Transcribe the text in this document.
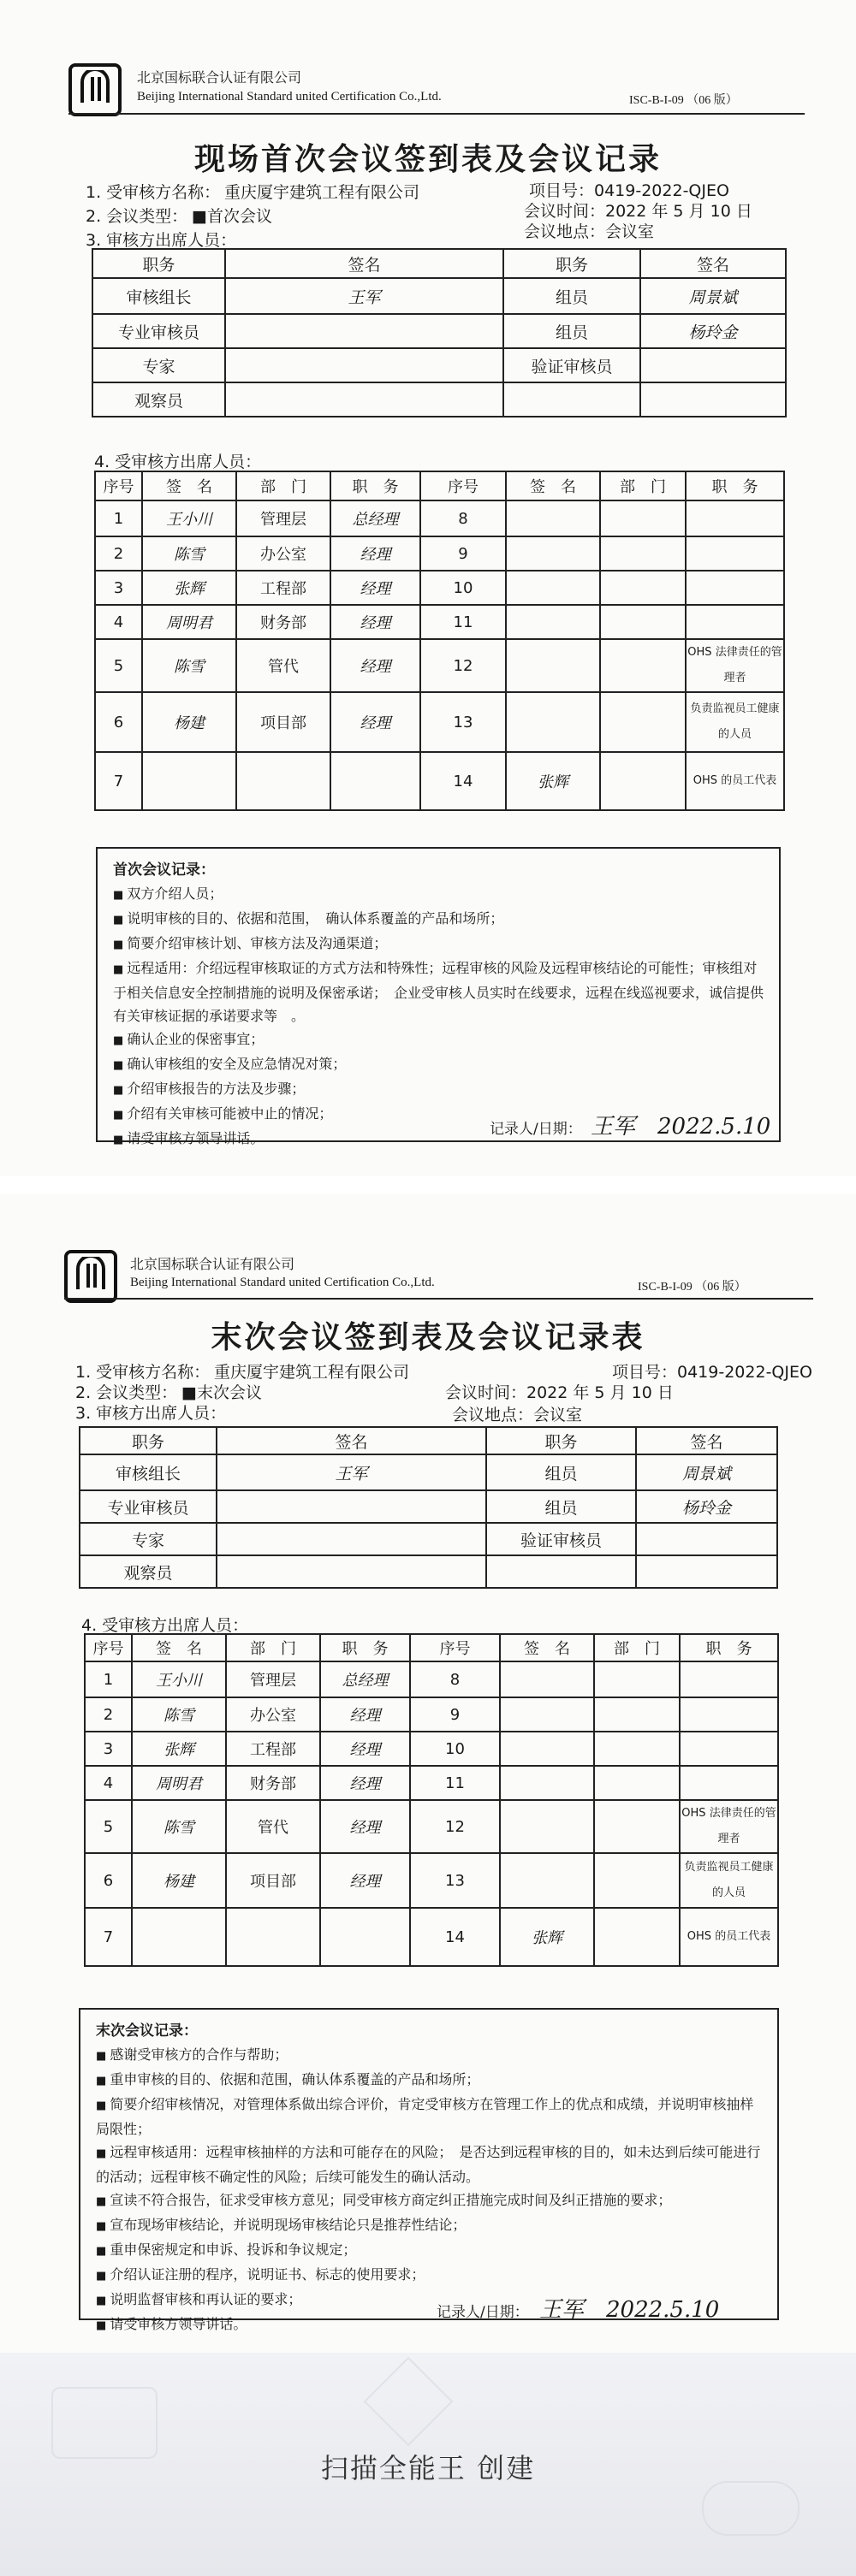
北京国标联合认证有限公司
Beijing International Standard united Certification Co.,Ltd.	ISC-B-I-09 （06 版）
现场首次会议签到表及会议记录
1. 受审核方名称： 重庆厦宇建筑工程有限公司	项目号：0419-2022-QJEO
2. 会议类型： ■首次会议	会议时间：2022 年 5 月 10 日
3. 审核方出席人员：	会议地点：会议室
职务	签名	职务	签名
审核组长	王军	组员	周景斌
专业审核员		组员	杨玲金
专家		验证审核员	
观察员			
4. 受审核方出席人员：
序号	签　名	部　门	职　务	序号	签　名	部　门	职　务
1	王小川	管理层	总经理	8			
2	陈雪	办公室	经理	9			
3	张辉	工程部	经理	10			
4	周明君	财务部	经理	11			
5	陈雪	管代	经理	12			OHS 法律责任的管理者
6	杨建	项目部	经理	13			负责监视员工健康的人员
7				14	张辉		OHS 的员工代表
首次会议记录：
■ 双方介绍人员；
■ 说明审核的目的、依据和范围，　确认体系覆盖的产品和场所；
■ 简要介绍审核计划、审核方法及沟通渠道；
■ 远程适用：介绍远程审核取证的方式方法和特殊性；远程审核的风险及远程审核结论的可能性；审核组对于相关信息安全控制措施的说明及保密承诺；　企业受审核人员实时在线要求，远程在线巡视要求，诚信提供有关审核证据的承诺要求等　。
■ 确认企业的保密事宜；
■ 确认审核组的安全及应急情况对策；
■ 介绍审核报告的方法及步骤；
■ 介绍有关审核可能被中止的情况；
■ 请受审核方领导讲话。
记录人/日期： 王军　2022.5.10
北京国标联合认证有限公司
Beijing International Standard united Certification Co.,Ltd.	ISC-B-I-09 （06 版）
末次会议签到表及会议记录表
1. 受审核方名称： 重庆厦宇建筑工程有限公司	项目号：0419-2022-QJEO
2. 会议类型： ■末次会议	会议时间：2022 年 5 月 10 日
3. 审核方出席人员：	会议地点：会议室
职务	签名	职务	签名
审核组长	王军	组员	周景斌
专业审核员		组员	杨玲金
专家		验证审核员	
观察员			
4. 受审核方出席人员：
序号	签　名	部　门	职　务	序号	签　名	部　门	职　务
1	王小川	管理层	总经理	8			
2	陈雪	办公室	经理	9			
3	张辉	工程部	经理	10			
4	周明君	财务部	经理	11			
5	陈雪	管代	经理	12			OHS 法律责任的管理者
6	杨建	项目部	经理	13			负责监视员工健康的人员
7				14	张辉		OHS 的员工代表
末次会议记录：
■ 感谢受审核方的合作与帮助；
■ 重申审核的目的、依据和范围，确认体系覆盖的产品和场所；
■ 简要介绍审核情况，对管理体系做出综合评价，肯定受审核方在管理工作上的优点和成绩，并说明审核抽样局限性；
■ 远程审核适用：远程审核抽样的方法和可能存在的风险；　是否达到远程审核的目的，如未达到后续可能进行的活动；远程审核不确定性的风险；后续可能发生的确认活动。
■ 宣读不符合报告，征求受审核方意见；同受审核方商定纠正措施完成时间及纠正措施的要求；
■ 宣布现场审核结论，并说明现场审核结论只是推荐性结论；
■ 重申保密规定和申诉、投诉和争议规定；
■ 介绍认证注册的程序，说明证书、标志的使用要求；
■ 说明监督审核和再认证的要求；
■ 请受审核方领导讲话。
记录人/日期： 王军　2022.5.10
扫描全能王 创建
